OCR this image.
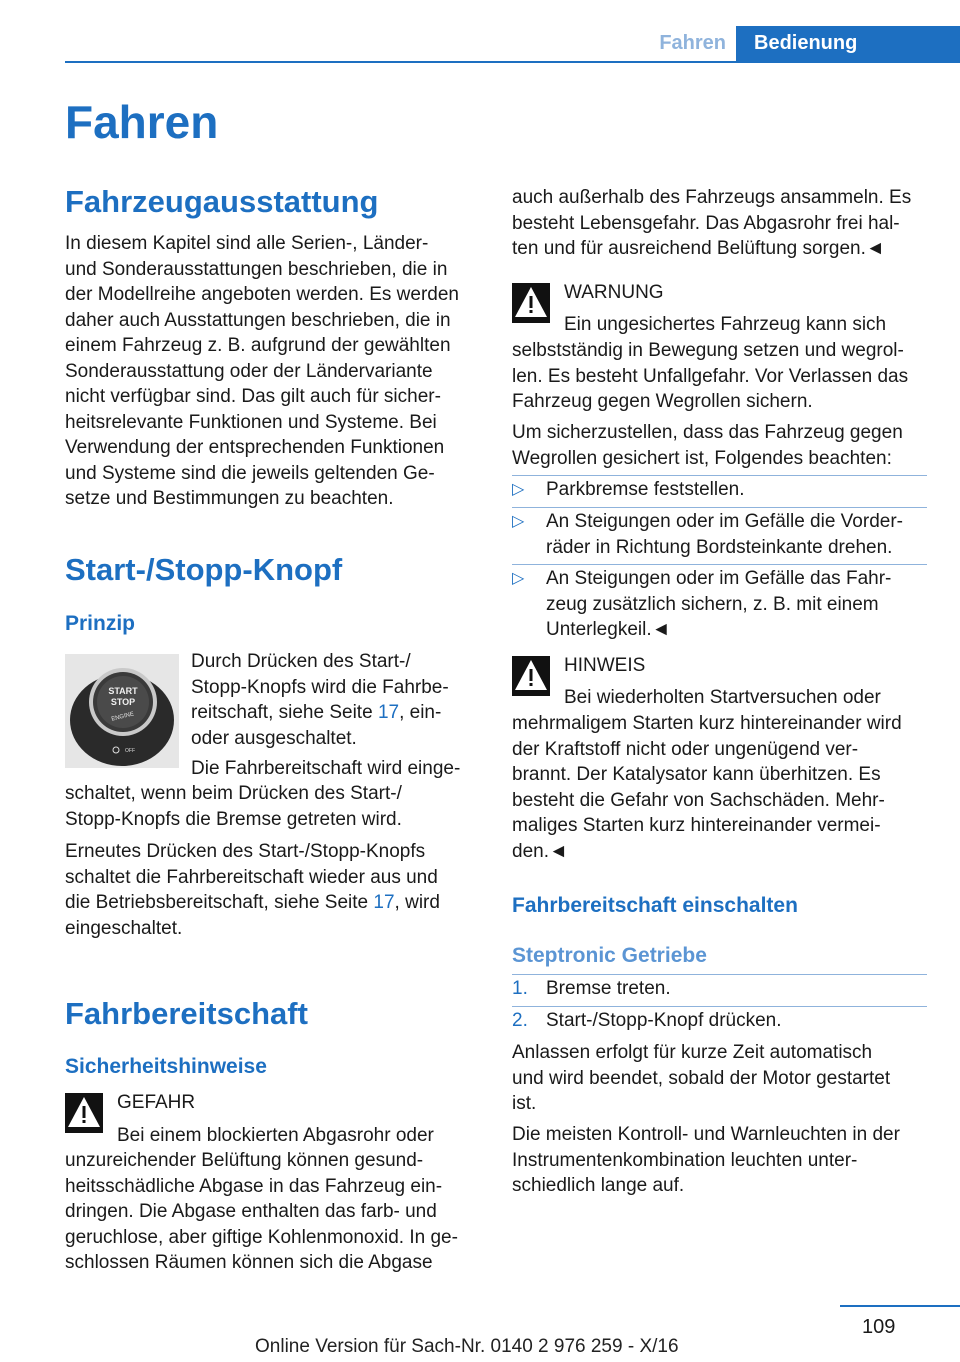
Fahren	Bedienung
Fahren
Fahrzeugausstattung

In diesem Kapitel sind alle Serien-, Länder-

und Sonderausstattungen beschrieben, die in

der Modellreihe angeboten werden. Es werden

daher auch Ausstattungen beschrieben, die in

einem Fahrzeug z. B. aufgrund der gewählten

Sonderausstattung oder der Ländervariante

nicht verfügbar sind. Das gilt auch für sicher-

heitsrelevante Funktionen und Systeme. Bei

Verwendung der entsprechenden Funktionen

und Systeme sind die jeweils geltenden Ge-

setze und Bestimmungen zu beachten.

Start-/Stopp-Knopf
Prinzip
START
STOP
ENGINE
OFF

Durch Drücken des Start-/

Stopp-Knopfs wird die Fahrbe-

reitschaft, siehe Seite 17, ein-

oder ausgeschaltet.

Die Fahrbereitschaft wird einge-

schaltet, wenn beim Drücken des Start-/

Stopp-Knopfs die Bremse getreten wird.

Erneutes Drücken des Start-/Stopp-Knopfs

schaltet die Fahrbereitschaft wieder aus und

die Betriebsbereitschaft, siehe Seite 17, wird

eingeschaltet.

Fahrbereitschaft
Sicherheitshinweise

GEFAHR

Bei einem blockierten Abgasrohr oder

unzureichender Belüftung können gesund-

heitsschädliche Abgase in das Fahrzeug ein-

dringen. Die Abgase enthalten das farb- und

geruchlose, aber giftige Kohlenmonoxid. In ge-

schlossen Räumen können sich die Abgase

auch außerhalb des Fahrzeugs ansammeln. Es

besteht Lebensgefahr. Das Abgasrohr frei hal-

ten und für ausreichend Belüftung sorgen.◄

WARNUNG

Ein ungesichertes Fahrzeug kann sich

selbstständig in Bewegung setzen und wegrol-

len. Es besteht Unfallgefahr. Vor Verlassen das

Fahrzeug gegen Wegrollen sichern.

Um sicherzustellen, dass das Fahrzeug gegen

Wegrollen gesichert ist, Folgendes beachten:

▷ Parkbremse feststellen.

▷ An Steigungen oder im Gefälle die Vorder-

räder in Richtung Bordsteinkante drehen.

▷ An Steigungen oder im Gefälle das Fahr-

zeug zusätzlich sichern, z. B. mit einem

Unterlegkeil.◄

HINWEIS

Bei wiederholten Startversuchen oder

mehrmaligem Starten kurz hintereinander wird

der Kraftstoff nicht oder ungenügend ver-

brannt. Der Katalysator kann überhitzen. Es

besteht die Gefahr von Sachschäden. Mehr-

maliges Starten kurz hintereinander vermei-

den.◄

Fahrbereitschaft einschalten
Steptronic Getriebe
1. Bremse treten.

2. Start-/Stopp-Knopf drücken.

Anlassen erfolgt für kurze Zeit automatisch

und wird beendet, sobald der Motor gestartet

ist.

Die meisten Kontroll- und Warnleuchten in der

Instrumentenkombination leuchten unter-

schiedlich lange auf.

109
Online Version für Sach-Nr. 0140 2 976 259 - X/16
